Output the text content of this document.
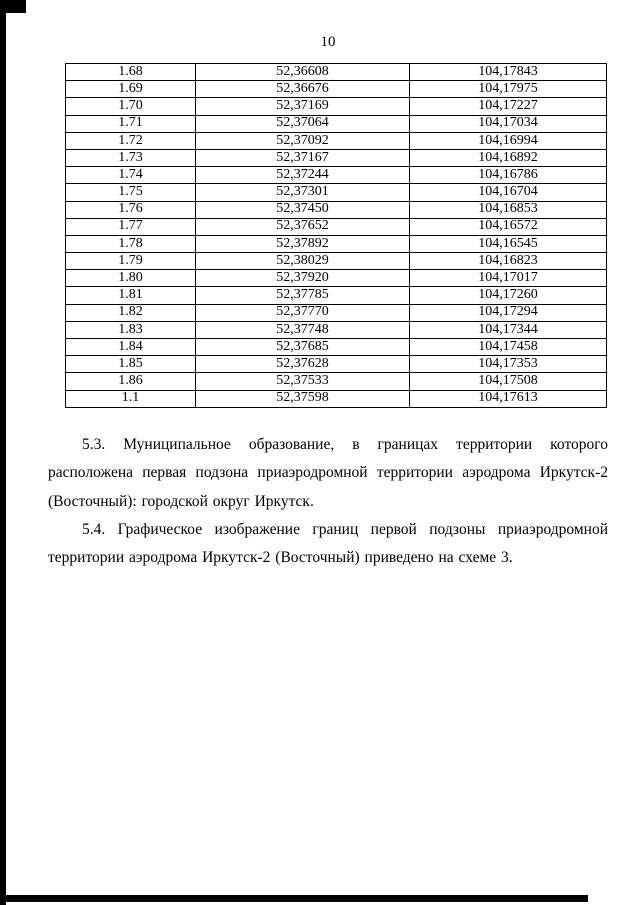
10
1.68	52,36608	104,17843
1.69	52,36676	104,17975
1.70	52,37169	104,17227
1.71	52,37064	104,17034
1.72	52,37092	104,16994
1.73	52,37167	104,16892
1.74	52,37244	104,16786
1.75	52,37301	104,16704
1.76	52,37450	104,16853
1.77	52,37652	104,16572
1.78	52,37892	104,16545
1.79	52,38029	104,16823
1.80	52,37920	104,17017
1.81	52,37785	104,17260
1.82	52,37770	104,17294
1.83	52,37748	104,17344
1.84	52,37685	104,17458
1.85	52,37628	104,17353
1.86	52,37533	104,17508
1.1	52,37598	104,17613

5.3. Муниципальное образование, в границах территории которого расположена первая подзона приаэродромной территории аэродрома Иркутск-2 (Восточный): городской округ Иркутск.

5.4. Графическое изображение границ первой подзоны приаэродромной территории аэродрома Иркутск-2 (Восточный) приведено на схеме 3.
